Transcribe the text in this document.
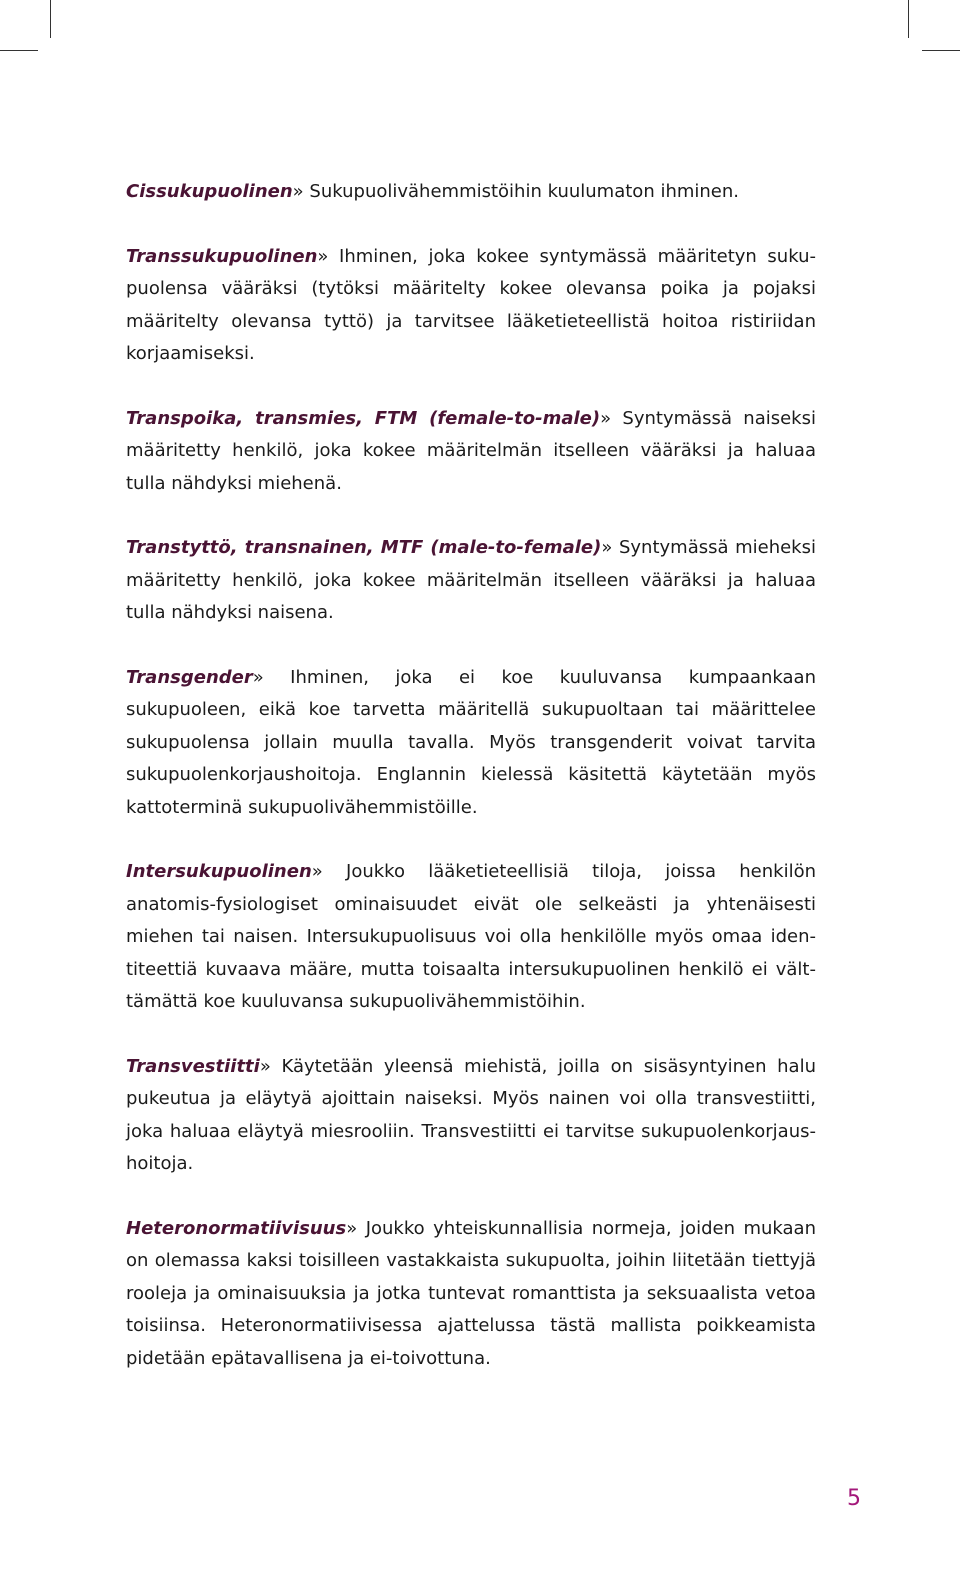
Cissukupuolinen» Sukupuolivähemmistöihin kuulumaton ihminen.

Transsukupuolinen» Ihminen, joka kokee syntymässä määritetyn sukupuolensa vääräksi (tytöksi määritelty kokee olevansa poika ja pojaksi määritelty olevansa tyttö) ja tarvitsee lääketieteellistä hoitoa ristiriidan korjaamiseksi.

Transpoika, transmies, FTM (female-to-male)» Syntymässä naiseksi määritetty henkilö, joka kokee määritelmän itselleen vääräksi ja haluaa tulla nähdyksi miehenä.

Transtyttö, transnainen, MTF (male-to-female)» Syntymässä mieheksi määritetty henkilö, joka kokee määritelmän itselleen vääräksi ja haluaa tulla nähdyksi naisena.

Transgender» Ihminen, joka ei koe kuuluvansa kumpaankaan sukupuoleen, eikä koe tarvetta määritellä sukupuoltaan tai määrittelee sukupuolensa jollain muulla tavalla. Myös transgenderit voivat tarvita sukupuolenkorjaushoitoja. Englannin kielessä käsitettä käytetään myös kattoterminä sukupuolivähemmistöille.

Intersukupuolinen» Joukko lääketieteellisiä tiloja, joissa henkilön anatomis-fysiologiset ominaisuudet eivät ole selkeästi ja yhtenäisesti miehen tai naisen. Intersukupuolisuus voi olla henkilölle myös omaa identiteettiä kuvaava määre, mutta toisaalta intersukupuolinen henkilö ei välttämättä koe kuuluvansa sukupuolivähemmistöihin.

Transvestiitti» Käytetään yleensä miehistä, joilla on sisäsyntyinen halu pukeutua ja eläytyä ajoittain naiseksi. Myös nainen voi olla transvestiitti, joka haluaa eläytyä miesrooliin. Transvestiitti ei tarvitse sukupuolenkorjaushoitoja.

Heteronormatiivisuus» Joukko yhteiskunnallisia normeja, joiden mukaan on olemassa kaksi toisilleen vastakkaista sukupuolta, joihin liitetään tiettyjä rooleja ja ominaisuuksia ja jotka tuntevat romanttista ja seksuaalista vetoa toisiinsa. Heteronormatiivisessa ajattelussa tästä mallista poikkeamista pidetään epätavallisena ja ei-toivottuna.

5
